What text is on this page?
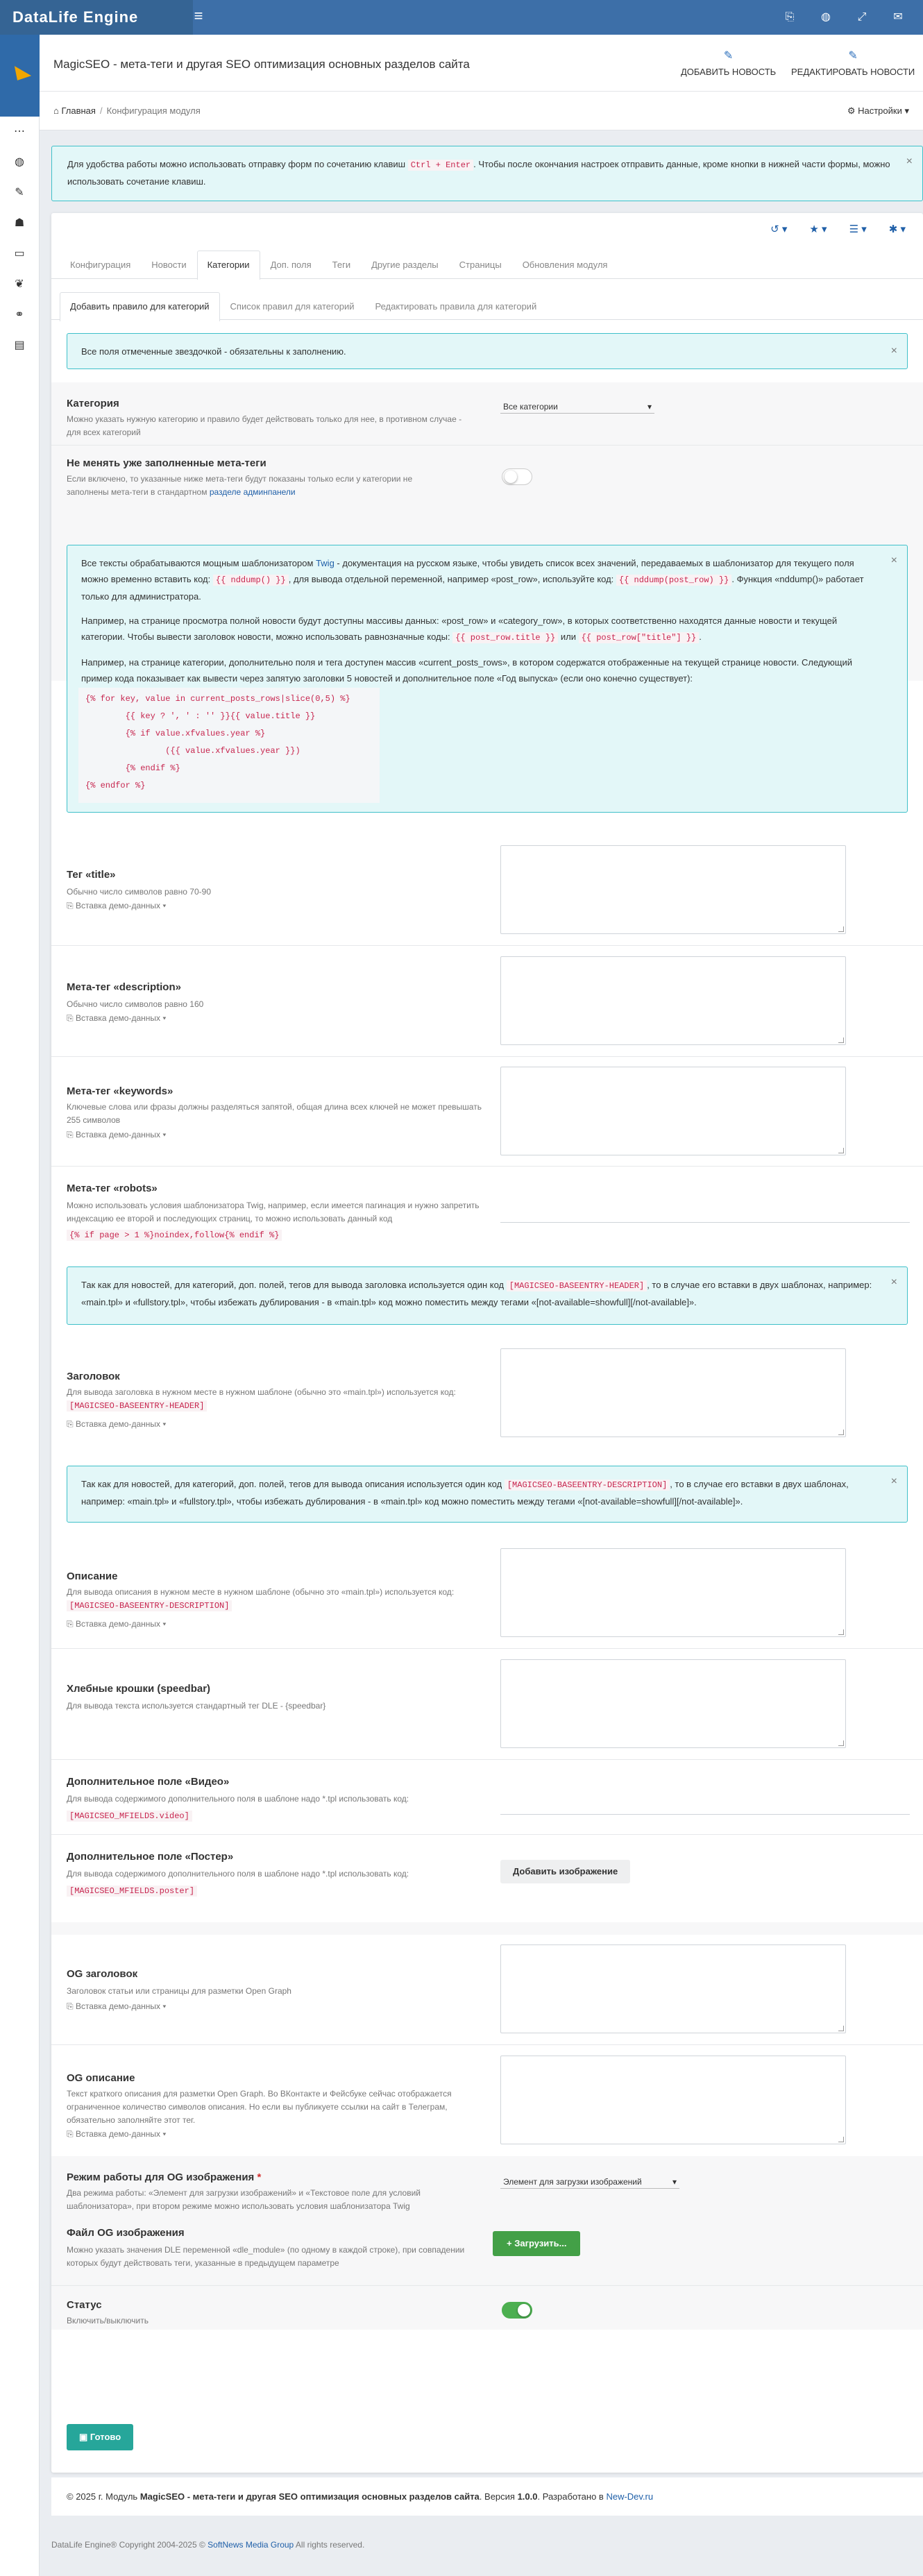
DataLife Engine	≡	⎘	◍	⤢	✉
⋯
◍
✎
☗
▭
❦
⚭
▤
MagicSEO - мета-теги и другая SEO оптимизация основных разделов сайта
✎
ДОБАВИТЬ НОВОСТЬ
✎
РЕДАКТИРОВАТЬ НОВОСТИ
⌂ Главная / Конфигурация модуля	⚙ Настройки ▾
Для удобства работы можно использовать отправку форм по сочетанию клавиш Ctrl + Enter . Чтобы после окончания настроек отправить данные, кроме кнопки в нижней части формы, можно использовать сочетание клавиш.
×
↺ ▾ ★ ▾ ☰ ▾ ✱ ▾
Конфигурация	Новости	Категории	Доп. поля	Теги	Другие разделы	Страницы	Обновления модуля
Добавить правило для категорий	Список правил для категорий	Редактировать правила для категорий
Все поля отмеченные звездочкой - обязательны к заполнению.	×
Категория
Можно указать нужную категорию и правило будет действовать только для нее, в противном случае - для всех категорий
Все категории	▾
Не менять уже заполненные мета-теги
Если включено, то указанные ниже мета-теги будут показаны только если у категории не заполнены мета-теги в стандартном разделе админпанели
×
Все тексты обрабатываются мощным шаблонизатором Twig - документация на русском языке, чтобы увидеть список всех значений, передаваемых в шаблонизатор для текущего поля можно временно вставить код: {{ nddump() }} , для вывода отдельной переменной, например «post_row», используйте код: {{ nddump(post_row) }} . Функция «nddump()» работает только для администратора.
Например, на странице просмотра полной новости будут доступны массивы данных: «post_row» и «category_row», в которых соответственно находятся данные новости и текущей категории. Чтобы вывести заголовок новости, можно использовать равнозначные коды: {{ post_row.title }} или {{ post_row["title"] }} .
Например, на странице категории, дополнительно поля и тега доступен массив «current_posts_rows», в котором содержатся отображенные на текущей странице новости. Следующий пример кода показывает как вывести через запятую заголовки 5 новостей и дополнительное поле «Год выпуска» (если оно конечно существует):
{% for key, value in current_posts_rows|slice(0,5) %}
{{ key ? ', ' : '' }}{{ value.title }}
{% if value.xfvalues.year %}
({{ value.xfvalues.year }})
{% endif %}
{% endfor %}
Тег «title»
Обычно число символов равно 70-90
⎘ Вставка демо-данных ▾
Мета-тег «description»
Обычно число символов равно 160
⎘ Вставка демо-данных ▾
Мета-тег «keywords»
Ключевые слова или фразы должны разделяться запятой, общая длина всех ключей не может превышать 255 символов
⎘ Вставка демо-данных ▾
Мета-тег «robots»
Можно использовать условия шаблонизатора Twig, например, если имеется пагинация и нужно запретить индексацию ее второй и последующих страниц, то можно использовать данный код
{% if page > 1 %}noindex,follow{% endif %}
Так как для новостей, для категорий, доп. полей, тегов для вывода заголовка используется один код [MAGICSEO-BASEENTRY-HEADER] , то в случае его вставки в двух шаблонах, например: «main.tpl» и «fullstory.tpl», чтобы избежать дублирования - в «main.tpl» код можно поместить между тегами «[not-available=showfull][/not-available]».
×
Заголовок
Для вывода заголовка в нужном месте в нужном шаблоне (обычно это «main.tpl») используется код: [MAGICSEO-BASEENTRY-HEADER]
⎘ Вставка демо-данных ▾
Так как для новостей, для категорий, доп. полей, тегов для вывода описания используется один код [MAGICSEO-BASEENTRY-DESCRIPTION] , то в случае его вставки в двух шаблонах, например: «main.tpl» и «fullstory.tpl», чтобы избежать дублирования - в «main.tpl» код можно поместить между тегами «[not-available=showfull][/not-available]».
×
Описание
Для вывода описания в нужном месте в нужном шаблоне (обычно это «main.tpl») используется код: [MAGICSEO-BASEENTRY-DESCRIPTION]
⎘ Вставка демо-данных ▾
Хлебные крошки (speedbar)
Для вывода текста используется стандартный тег DLE - {speedbar}
Дополнительное поле «Видео»
Для вывода содержимого дополнительного поля в шаблоне надо *.tpl использовать код:
[MAGICSEO_MFIELDS.video]
Дополнительное поле «Постер»
Для вывода содержимого дополнительного поля в шаблоне надо *.tpl использовать код:
[MAGICSEO_MFIELDS.poster]
Добавить изображение
OG заголовок
Заголовок статьи или страницы для разметки Open Graph
⎘ Вставка демо-данных ▾
OG описание
Текст краткого описания для разметки Open Graph. Во ВКонтакте и Фейсбуке сейчас отображается ограниченное количество символов описания. Но если вы публикуете ссылки на сайт в Телеграм, обязательно заполняйте этот тег.
⎘ Вставка демо-данных ▾
Режим работы для OG изображения *
Два режима работы: «Элемент для загрузки изображений» и «Текстовое поле для условий шаблонизатора», при втором режиме можно использовать условия шаблонизатора Twig
Элемент для загрузки изображений	▾
Файл OG изображения
Можно указать значения DLE переменной «dle_module» (по одному в каждой строке), при совпадении которых будут действовать теги, указанные в предыдущем параметре
+ Загрузить...
Статус
Включить/выключить
▣ Готово
© 2025 г. Модуль MagicSEO - мета-теги и другая SEO оптимизация основных разделов сайта. Версия 1.0.0. Разработано в New-Dev.ru
DataLife Engine® Copyright 2004-2025 © SoftNews Media Group All rights reserved.
